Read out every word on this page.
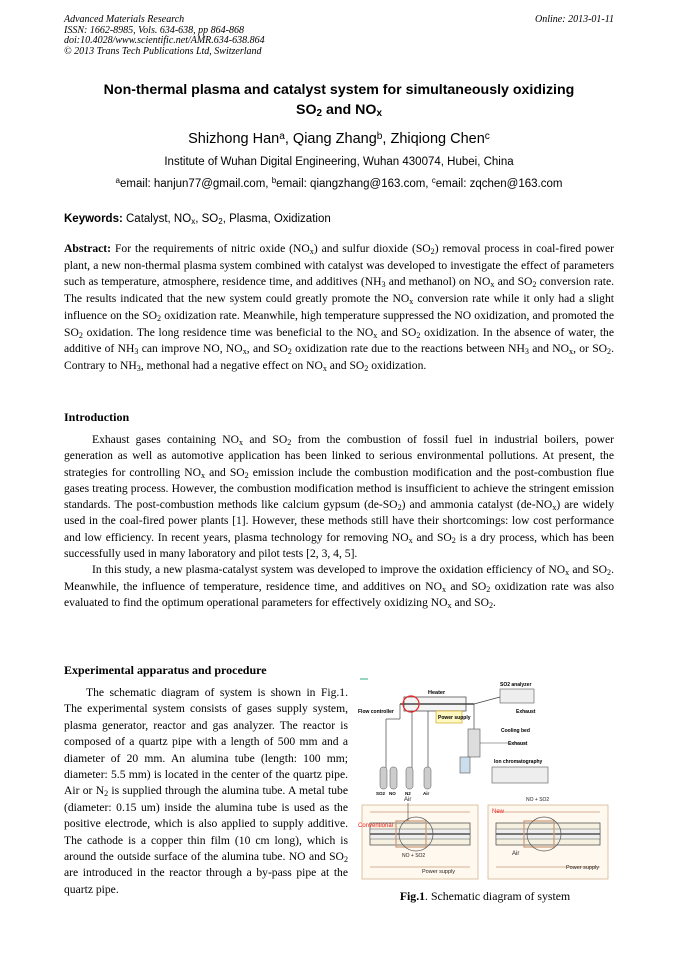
Advanced Materials Research
ISSN: 1662-8985, Vols. 634-638, pp 864-868
doi:10.4028/www.scientific.net/AMR.634-638.864
© 2013 Trans Tech Publications Ltd, Switzerland
Online: 2013-01-11
Non-thermal plasma and catalyst system for simultaneously oxidizing
$SO_2$ and $NO_x$
Shizhong Han$^a$, Qiang Zhang$^b$, Zhiqiong Chen$^c$
Institute of Wuhan Digital Engineering, Wuhan 430074, Hubei, China
$^a$email: hanjun77@gmail.com, $^b$email: qiangzhang@163.com, $^c$email: zqchen@163.com
Keywords: Catalyst, $NO_x$, $SO_2$, Plasma, Oxidization
Abstract: For the requirements of nitric oxide $(NO_x)$ and sulfur dioxide $(SO_2)$ removal process in coal-fired power plant, a new non-thermal plasma system combined with catalyst was developed to investigate the effect of parameters such as temperature, atmosphere, residence time, and additives ($NH_3$ and methanol) on $NO_x$ and $SO_2$ conversion rate. The results indicated that the new system could greatly promote the $NO_x$ conversion rate while it only had a slight influence on the $SO_2$ oxidization rate. Meanwhile, high temperature suppressed the NO oxidization, and promoted the $SO_2$ oxidation. The long residence time was beneficial to the $NO_x$ and $SO_2$ oxidization. In the absence of water, the additive of $NH_3$ can improve NO, $NO_x$, and $SO_2$ oxidization rate due to the reactions between $NH_3$ and $NO_x$, or $SO_2$. Contrary to $NH_3$, methonal had a negative effect on $NO_x$ and $SO_2$ oxidization.
Introduction

Exhaust gases containing $NO_x$ and $SO_2$ from the combustion of fossil fuel in industrial boilers, power generation as well as automotive application has been linked to serious environmental pollutions. At present, the strategies for controlling $NO_x$ and $SO_2$ emission include the combustion modification and the post-combustion flue gases treating process. However, the combustion modification method is insufficient to achieve the stringent emission standards. The post-combustion methods like calcium gypsum $(de-SO_2)$ and ammonia catalyst $(de-NO_x)$ are widely used in the coal-fired power plants [1]. However, these methods still have their shortcomings: low cost performance and low efficiency. In recent years, plasma technology for removing $NO_x$ and $SO_2$ is a dry process, which has been successfully used in many laboratory and pilot tests [2, 3, 4, 5].

In this study, a new plasma-catalyst system was developed to improve the oxidation efficiency of $NO_x$ and $SO_2$. Meanwhile, the influence of temperature, residence time, and additives on $NO_x$ and $SO_2$ oxidization rate was also evaluated to find the optimum operational parameters for effectively oxidizing $NO_x$ and $SO_2$.

Experimental apparatus and procedure

The schematic diagram of system is shown in Fig.1. The experimental system consists of gases supply system, plasma generator, reactor and gas analyzer. The reactor is composed of a quartz pipe with a length of 500 mm and a diameter of 20 mm. An alumina tube (length: 100 mm; diameter: 5.5 mm) is located in the center of the quartz pipe. Air or $N_2$ is supplied through the alumina tube. A metal tube (diameter: 0.15 um) inside the alumina tube is used as the positive electrode, which is also applied to supply additive. The cathode is a copper thin film (10 cm long), which is around the outside surface of the alumina tube. NO and $SO_2$ are introduced in the reactor through a by-pass pipe at the quartz pipe.

Heater
Power supply
SO2 analyzer
Exhaust
Flow controller
Cooling bed
Exhaust
Ion chromatography
SO2 NO N2	Air
Air
Conventional
NO + SO2
Power supply
New
NO + SO2
Air
Power supply
Fig.1. Schematic diagram of system
